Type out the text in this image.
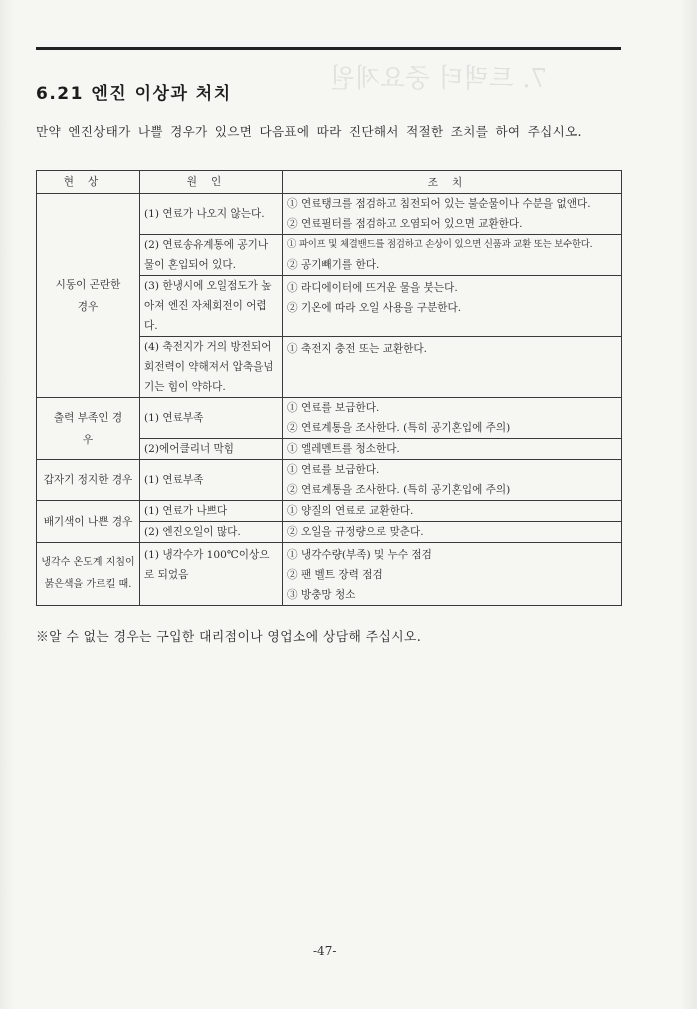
7. 트랙터 중요제원
6.21 엔진 이상과 처치
만약 엔진상태가 나쁠 경우가 있으면 다음표에 따라 진단해서 적절한 조치를 하여 주십시오.
현상	원인	조치
시동이 곤란한 경우	(1) 연료가 나오지 않는다.	① 연료탱크를 점검하고 침전되어 있는 불순물이나 수분을 없앤다.
② 연료필터를 점검하고 오염되어 있으면 교환한다.

	(2) 연료송유계통에 공기나 물이 혼입되어 있다.	① 파이프 및 체결밴드를 점검하고 손상이 있으면 신품과 교환 또는 보수한다.
② 공기빼기를 한다.

	(3) 한냉시에 오일점도가 높아져 엔진 자체회전이 어렵다.	① 라디에이터에 뜨거운 물을 붓는다.
② 기온에 따라 오일 사용을 구분한다.

	(4) 축전지가 거의 방전되어 회전력이 약해져서 압축을넘기는 힘이 약하다.	① 축전지 충전 또는 교환한다.

출력 부족인 경우	(1) 연료부족	① 연료를 보급한다.
② 연료계통을 조사한다. (특히 공기혼입에 주의)

	(2)에어클리너 막힘	① 엘레멘트를 청소한다.

갑자기 정지한 경우	(1) 연료부족	① 연료를 보급한다.
② 연료계통을 조사한다. (특히 공기혼입에 주의)

배기색이 나쁜 경우	(1) 연료가 나쁘다	① 양질의 연료로 교환한다.

	(2) 엔진오일이 많다.	② 오일을 규정량으로 맞춘다.

냉각수 온도계 지침이 붉은색을 가르킬 때.	(1) 냉각수가 100℃이상으로 되었음	① 냉각수량(부족) 및 누수 점검
② 팬 벨트 장력 점검
③ 방충망 청소
※알 수 없는 경우는 구입한 대리점이나 영업소에 상담해 주십시오.
-47-
